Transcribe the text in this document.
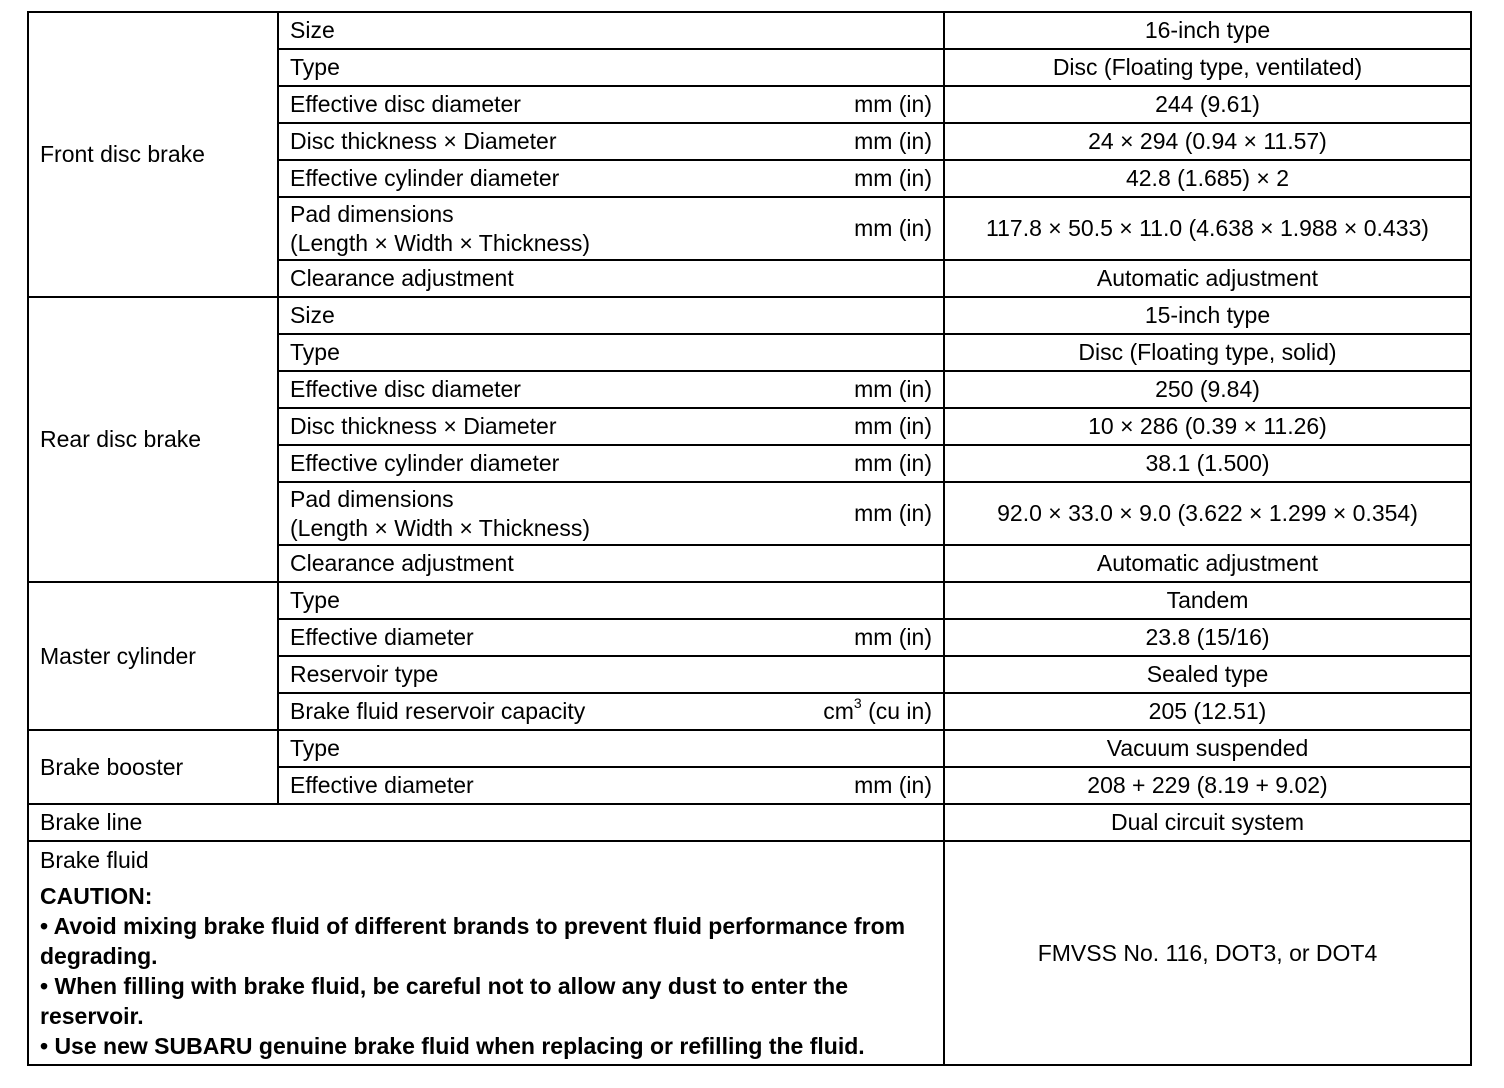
Front disc brake	Size	16-inch type

	Type	Disc (Floating type, ventilated)

	Effective disc diameter mm (in)	244 (9.61)

	Disc thickness × Diameter mm (in)	24 × 294 (0.94 × 11.57)

	Effective cylinder diameter mm (in)	42.8 (1.685) × 2

	Pad dimensions
(Length × Width × Thickness)
mm (in)	117.8 × 50.5 × 11.0 (4.638 × 1.988 × 0.433)

	Clearance adjustment	Automatic adjustment
Rear disc brake	Size	15-inch type

	Type	Disc (Floating type, solid)

	Effective disc diameter mm (in)	250 (9.84)

	Disc thickness × Diameter mm (in)	10 × 286 (0.39 × 11.26)

	Effective cylinder diameter mm (in)	38.1 (1.500)

	Pad dimensions
(Length × Width × Thickness)
mm (in)	92.0 × 33.0 × 9.0 (3.622 × 1.299 × 0.354)

	Clearance adjustment	Automatic adjustment
Master cylinder	Type	Tandem

	Effective diameter mm (in)	23.8 (15/16)

	Reservoir type	Sealed type

	Brake fluid reservoir capacity $cm^3$ (cu in)	205 (12.51)
Brake booster	Type	Vacuum suspended

	Effective diameter mm (in)	208 + 229 (8.19 + 9.02)
Brake line		Dual circuit system

Brake fluid
CAUTION:
• Avoid mixing brake fluid of different brands to prevent fluid performance from degrading.
• When filling with brake fluid, be careful not to allow any dust to enter the reservoir.
• Use new SUBARU genuine brake fluid when replacing or refilling the fluid.		FMVSS No. 116, DOT3, or DOT4
